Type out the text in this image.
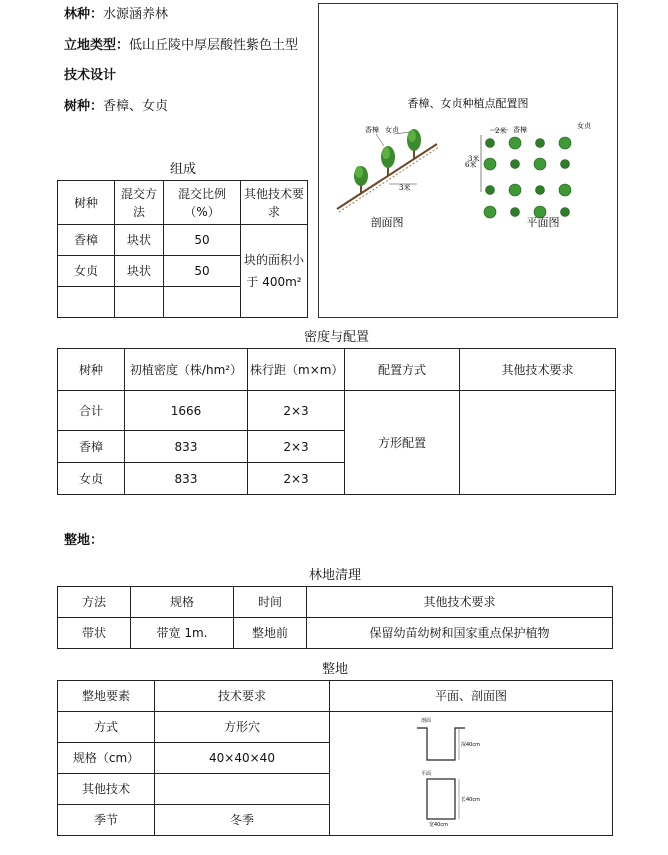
林种：水源涵养林
立地类型：低山丘陵中厚层酸性紫色土型
技术设计
树种：香樟、女贞
组成
树种	混交方法	混交比例（%）	其他技术要求
香樟	块状	50	块的面积小于 400m²
女贞	块状	50	

香樟、女贞种植点配置图
香樟 女贞
3米
剖面图
香樟	女贞
2米
3米
6米
平面图
密度与配置
树种	初植密度（株/hm²）	株行距（m×m）	配置方式	其他技术要求
合计	1666	2×3	方形配置	
香樟	833	2×3		
女贞	833	2×3		
整地：
林地清理
方法	规格	时间	其他技术要求
带状	带宽 1m.	整地前	保留幼苗幼树和国家重点保护植物
整地
整地要素	技术要求	平面、剖面图
方式	方形穴	剖面
深40cm
平面
长40cm
宽40cm

规格（cm）	40×40×40	
其他技术		
季节	冬季	
